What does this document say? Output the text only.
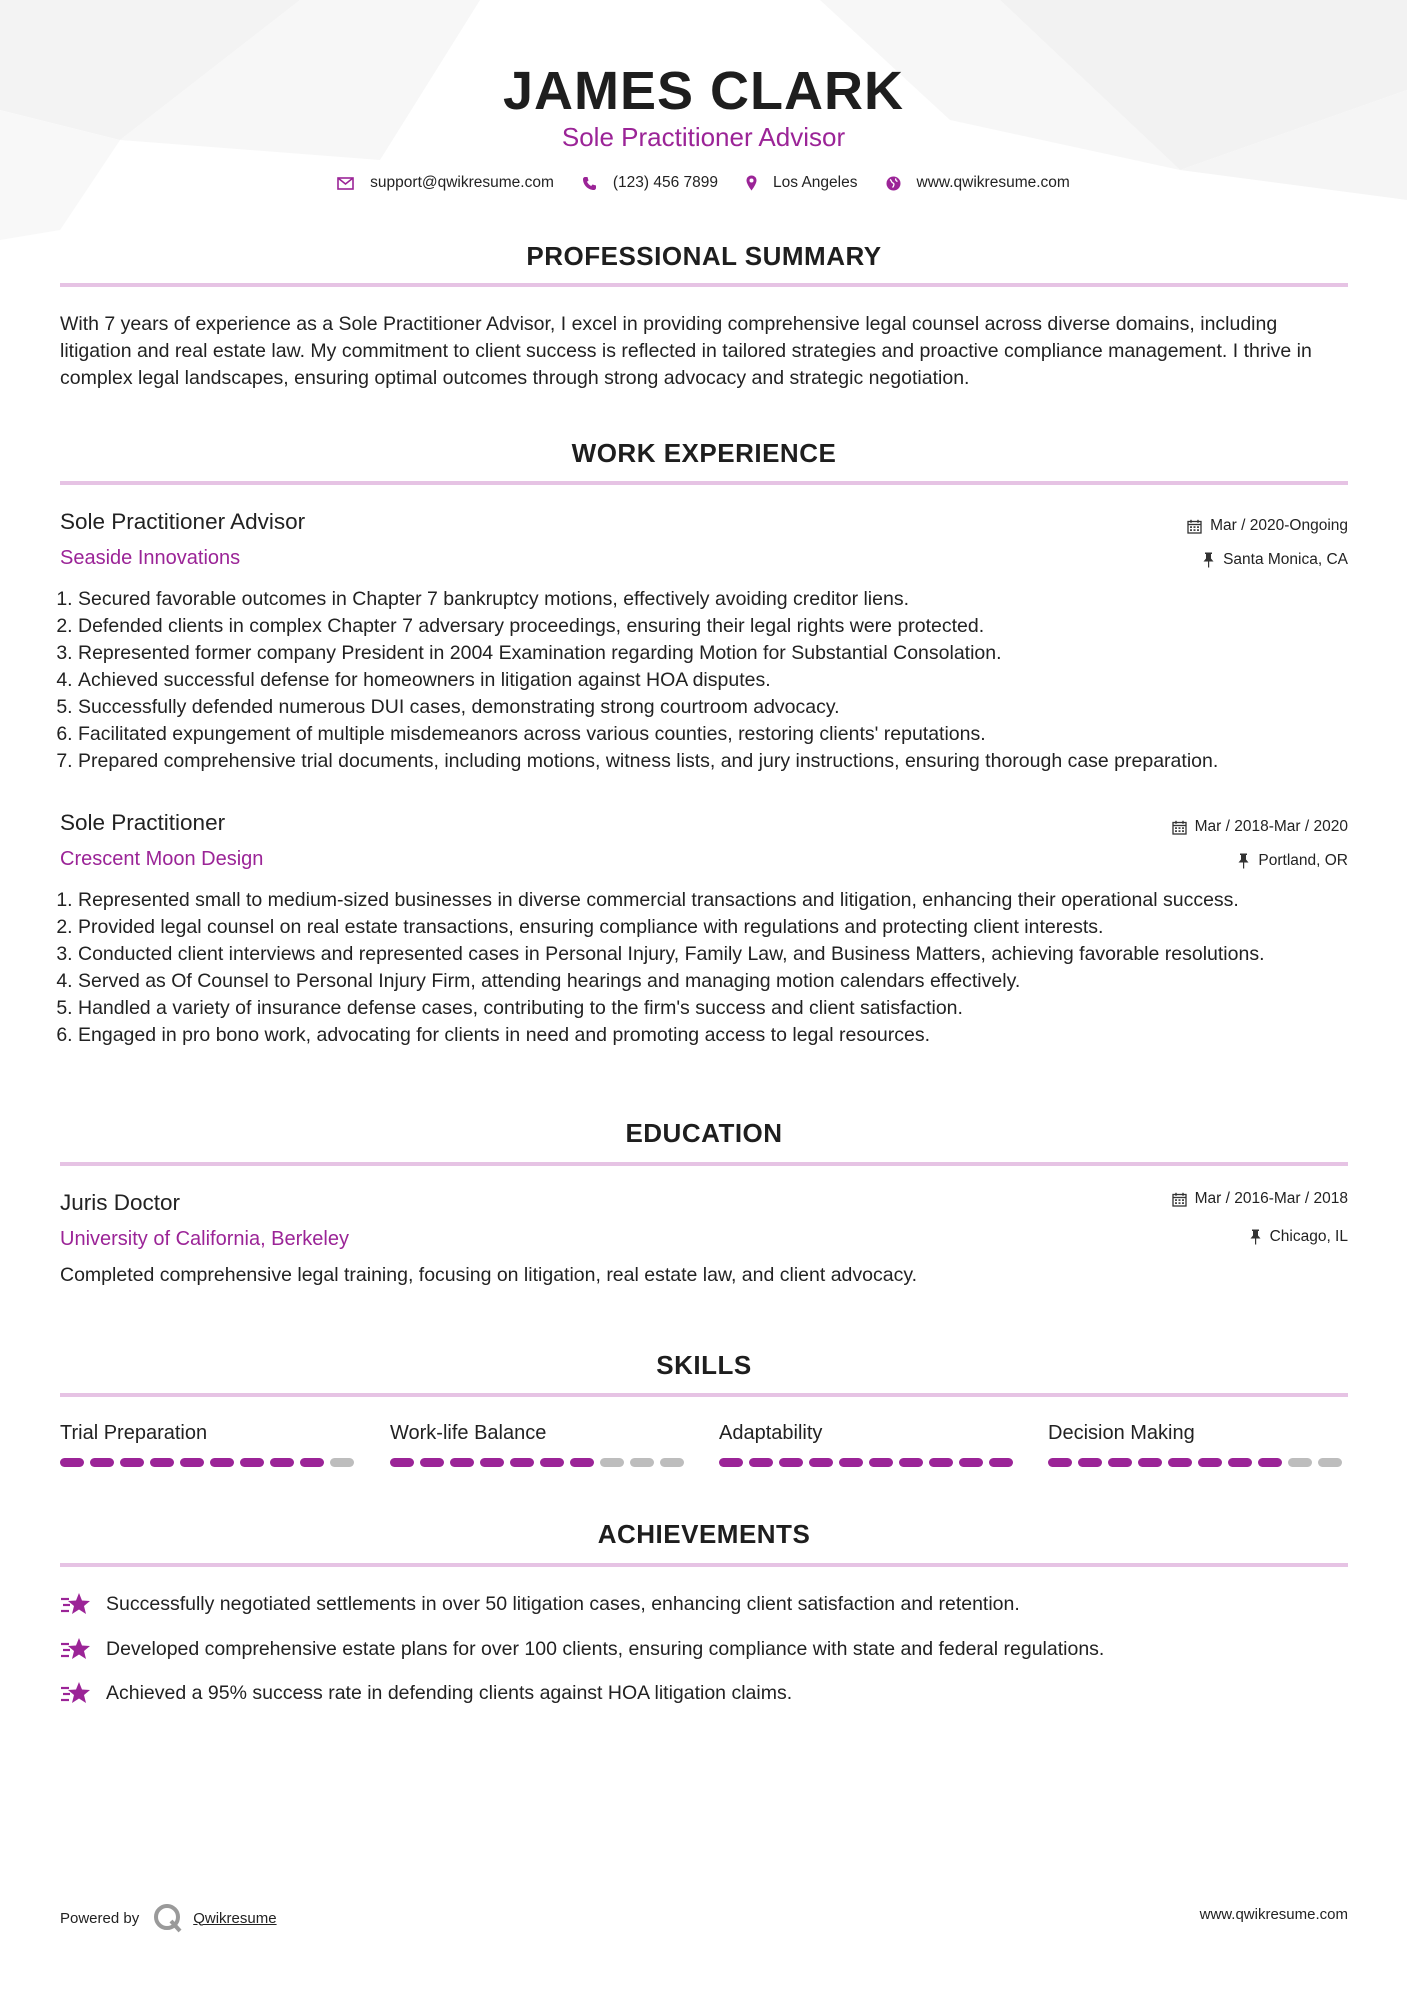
JAMES CLARK
Sole Practitioner Advisor
support@qwikresume.com	(123) 456 7899	Los Angeles	www.qwikresume.com
PROFESSIONAL SUMMARY
With 7 years of experience as a Sole Practitioner Advisor, I excel in providing comprehensive legal counsel across diverse domains, including litigation and real estate law. My commitment to client success is reflected in tailored strategies and proactive compliance management. I thrive in complex legal landscapes, ensuring optimal outcomes through strong advocacy and strategic negotiation.
WORK EXPERIENCE
Sole Practitioner Advisor	Mar / 2020-Ongoing
Seaside Innovations	Santa Monica, CA
1. Secured favorable outcomes in Chapter 7 bankruptcy motions, effectively avoiding creditor liens.
2. Defended clients in complex Chapter 7 adversary proceedings, ensuring their legal rights were protected.
3. Represented former company President in 2004 Examination regarding Motion for Substantial Consolation.
4. Achieved successful defense for homeowners in litigation against HOA disputes.
5. Successfully defended numerous DUI cases, demonstrating strong courtroom advocacy.
6. Facilitated expungement of multiple misdemeanors across various counties, restoring clients' reputations.
7. Prepared comprehensive trial documents, including motions, witness lists, and jury instructions, ensuring thorough case preparation.
Sole Practitioner	Mar / 2018-Mar / 2020
Crescent Moon Design	Portland, OR
1. Represented small to medium-sized businesses in diverse commercial transactions and litigation, enhancing their operational success.
2. Provided legal counsel on real estate transactions, ensuring compliance with regulations and protecting client interests.
3. Conducted client interviews and represented cases in Personal Injury, Family Law, and Business Matters, achieving favorable resolutions.
4. Served as Of Counsel to Personal Injury Firm, attending hearings and managing motion calendars effectively.
5. Handled a variety of insurance defense cases, contributing to the firm's success and client satisfaction.
6. Engaged in pro bono work, advocating for clients in need and promoting access to legal resources.
EDUCATION
Juris Doctor	Mar / 2016-Mar / 2018
University of California, Berkeley	Chicago, IL
Completed comprehensive legal training, focusing on litigation, real estate law, and client advocacy.
SKILLS
Trial Preparation	Work-life Balance	Adaptability	Decision Making
ACHIEVEMENTS
Successfully negotiated settlements in over 50 litigation cases, enhancing client satisfaction and retention.
Developed comprehensive estate plans for over 100 clients, ensuring compliance with state and federal regulations.
Achieved a 95% success rate in defending clients against HOA litigation claims.
Powered by	Qwikresume	www.qwikresume.com
